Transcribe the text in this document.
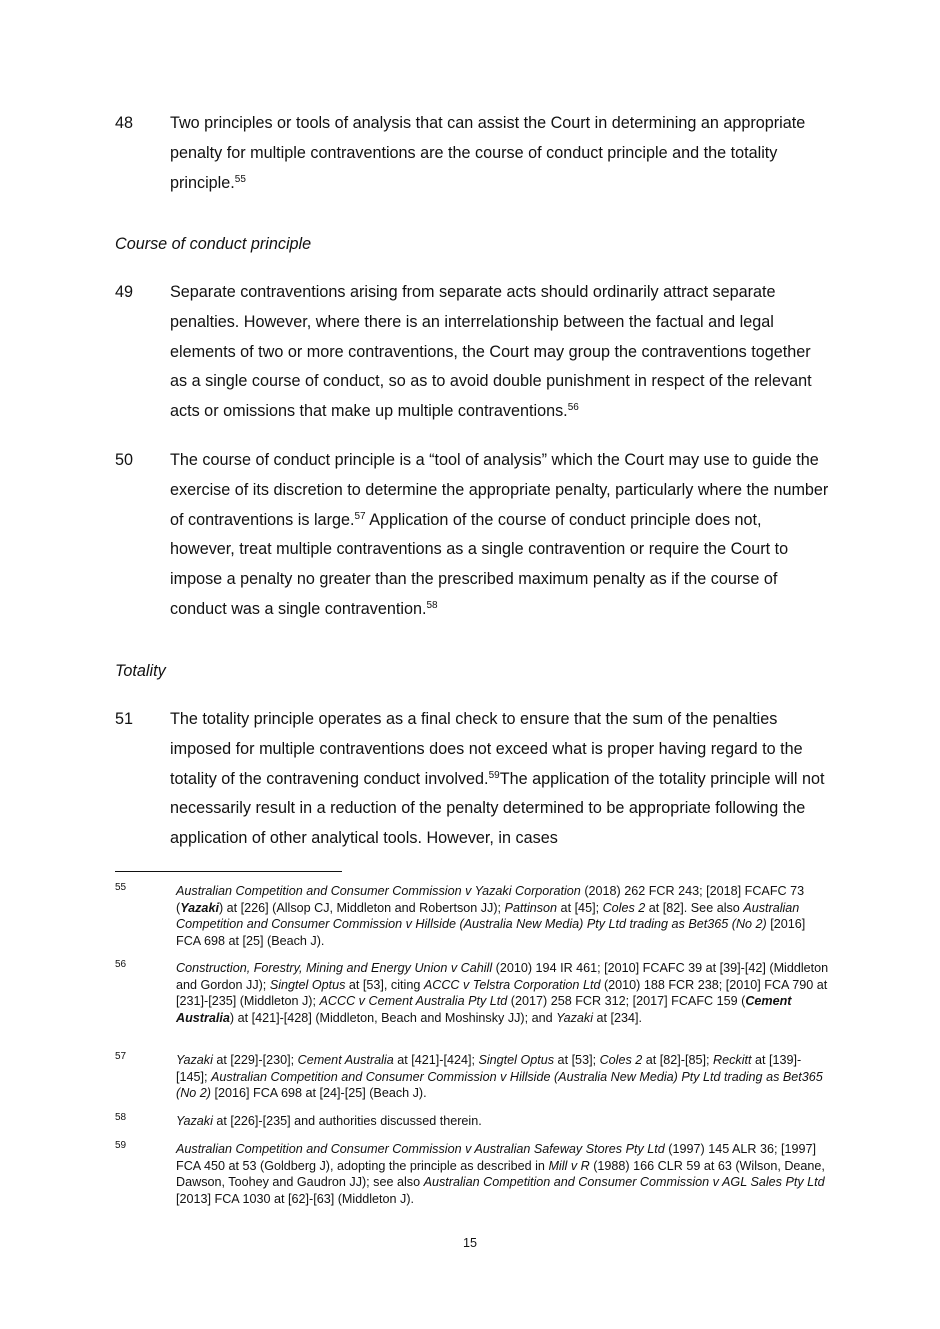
48	Two principles or tools of analysis that can assist the Court in determining an appropriate penalty for multiple contraventions are the course of conduct principle and the totality principle.$^{55}$
Course of conduct principle
49	Separate contraventions arising from separate acts should ordinarily attract separate penalties. However, where there is an interrelationship between the factual and legal elements of two or more contraventions, the Court may group the contraventions together as a single course of conduct, so as to avoid double punishment in respect of the relevant acts or omissions that make up multiple contraventions.$^{56}$
50	The course of conduct principle is a “tool of analysis” which the Court may use to guide the exercise of its discretion to determine the appropriate penalty, particularly where the number of contraventions is large.$^{57}$ Application of the course of conduct principle does not, however, treat multiple contraventions as a single contravention or require the Court to impose a penalty no greater than the prescribed maximum penalty as if the course of conduct was a single contravention.$^{58}$
Totality
51	The totality principle operates as a final check to ensure that the sum of the penalties imposed for multiple contraventions does not exceed what is proper having regard to the totality of the contravening conduct involved.$^{59}$The application of the totality principle will not necessarily result in a reduction of the penalty determined to be appropriate following the application of other analytical tools. However, in cases
55	Australian Competition and Consumer Commission v Yazaki Corporation (2018) 262 FCR 243; [2018] FCAFC 73 (Yazaki) at [226] (Allsop CJ, Middleton and Robertson JJ); Pattinson at [45]; Coles 2 at [82]. See also Australian Competition and Consumer Commission v Hillside (Australia New Media) Pty Ltd trading as Bet365 (No 2) [2016] FCA 698 at [25] (Beach J).
56	Construction, Forestry, Mining and Energy Union v Cahill (2010) 194 IR 461; [2010] FCAFC 39 at [39]-[42] (Middleton and Gordon JJ); Singtel Optus at [53], citing ACCC v Telstra Corporation Ltd (2010) 188 FCR 238; [2010] FCA 790 at [231]-[235] (Middleton J); ACCC v Cement Australia Pty Ltd (2017) 258 FCR 312; [2017] FCAFC 159 (Cement Australia) at [421]-[428] (Middleton, Beach and Moshinsky JJ); and Yazaki at [234].
57	Yazaki at [229]-[230]; Cement Australia at [421]-[424]; Singtel Optus at [53]; Coles 2 at [82]-[85]; Reckitt at [139]-[145]; Australian Competition and Consumer Commission v Hillside (Australia New Media) Pty Ltd trading as Bet365 (No 2) [2016] FCA 698 at [24]-[25] (Beach J).
58	Yazaki at [226]-[235] and authorities discussed therein.
59	Australian Competition and Consumer Commission v Australian Safeway Stores Pty Ltd (1997) 145 ALR 36; [1997] FCA 450 at 53 (Goldberg J), adopting the principle as described in Mill v R (1988) 166 CLR 59 at 63 (Wilson, Deane, Dawson, Toohey and Gaudron JJ); see also Australian Competition and Consumer Commission v AGL Sales Pty Ltd [2013] FCA 1030 at [62]-[63] (Middleton J).
15
